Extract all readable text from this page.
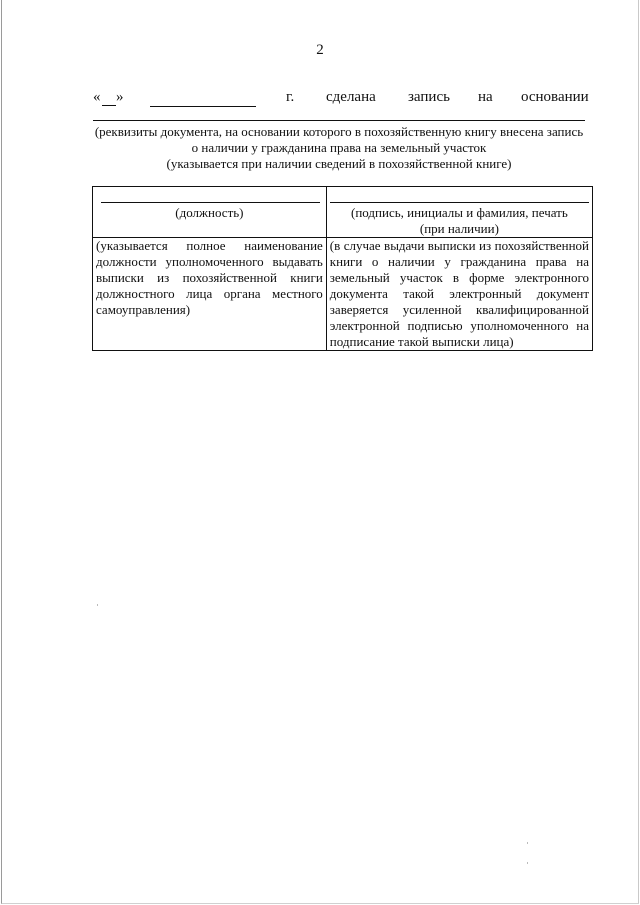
2
« »	г. сделана запись на основании
(реквизиты документа, на основании которого в похозяйственную книгу внесена запись
о наличии у гражданина права на земельный участок
(указывается при наличии сведений в похозяйственной книге)
(должность)	(подпись, инициалы и фамилия, печать
(при наличии)

(указывается полное наименование должности уполномоченного выдавать выписки из похозяйственной книги должностного лица органа местного самоуправления)	(в случае выдачи выписки из похозяйственной книги о наличии у гражданина права на земельный участок в форме электронного документа такой электронный документ заверяется усиленной квалифицированной электронной подписью уполномоченного на подписание такой выписки лица)
